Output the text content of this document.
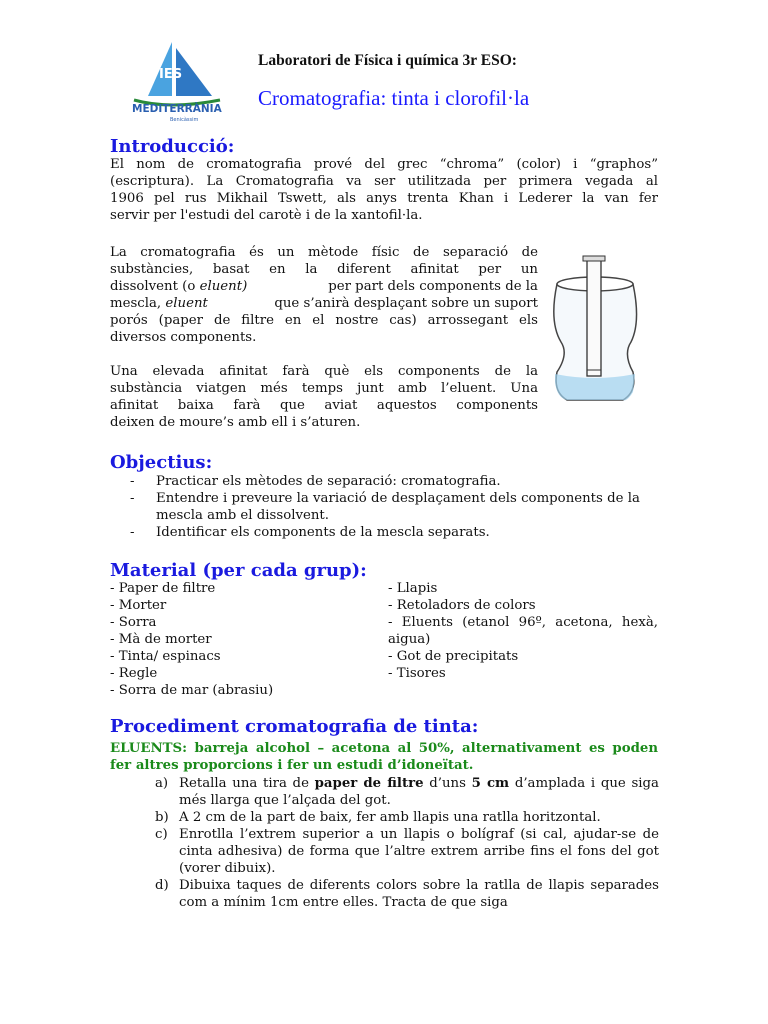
IES
MEDITERRÀNIA
Benicàssim
Laboratori de Física i química 3r ESO:
Cromatografia: tinta i clorofil·la
Introducció:
El nom de cromatografia prové del grec “chroma” (color) i “graphos”
(escriptura). La Cromatografia va ser utilitzada per primera vegada al
1906 pel rus Mikhail Tswett, als anys trenta Khan i Lederer la van fer
servir per l'estudi del carotè i de la xantofil·la.
La cromatografia és un mètode físic de separació de
substàncies, basat en la diferent afinitat per un
dissolvent (o eluent)	per part dels components de la
mescla, eluent	que s’anirà desplaçant sobre un suport
porós (paper de filtre en el nostre cas) arrossegant els
diversos components.
Una elevada afinitat farà què els components de la
substància viatgen més temps junt amb l’eluent. Una
afinitat baixa farà que aviat aquestos components
deixen de moure’s amb ell i s’aturen.
Objectius:
- Practicar els mètodes de separació: cromatografia.
- Entendre i preveure la variació de desplaçament dels components de la mescla amb el dissolvent.
- Identificar els components de la mescla separats.
Material (per cada grup):
- Paper de filtre
- Morter
- Sorra
- Mà de morter
- Tinta/ espinacs
- Regle
- Sorra de mar (abrasiu)
- Llapis
- Retoladors de colors
- Eluents (etanol 96º, acetona, hexà, aigua)
- Got de precipitats
- Tisores
Procediment cromatografia de tinta:
ELUENTS: barreja alcohol – acetona al 50%, alternativament es poden fer altres proporcions i fer un estudi d’idoneïtat.
a) Retalla una tira de paper de filtre d’uns 5 cm d’amplada i que siga més llarga que l’alçada del got.
b) A 2 cm de la part de baix, fer amb llapis una ratlla horitzontal.
c) Enrotlla l’extrem superior a un llapis o bolígraf (si cal, ajudar-se de cinta adhesiva) de forma que l’altre extrem arribe fins el fons del got (vorer dibuix).
d) Dibuixa taques de diferents colors sobre la ratlla de llapis separades com a mínim 1cm entre elles. Tracta de que siga
